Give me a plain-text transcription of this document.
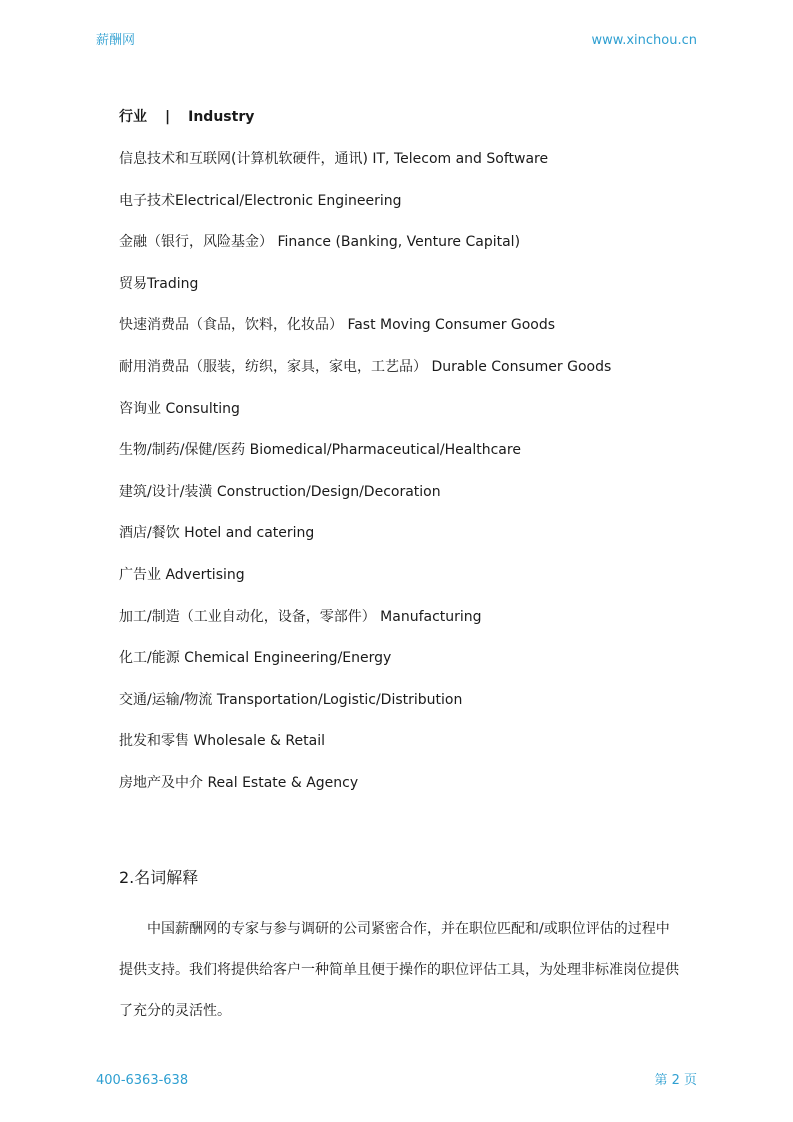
薪酬网	www.xinchou.cn
行业 | Industry
信息技术和互联网(计算机软硬件，通讯) IT, Telecom and Software
电子技术Electrical/Electronic Engineering
金融（银行，风险基金） Finance (Banking, Venture Capital)
贸易Trading
快速消费品（食品，饮料，化妆品） Fast Moving Consumer Goods
耐用消费品（服装，纺织，家具，家电，工艺品） Durable Consumer Goods
咨询业 Consulting
生物/制药/保健/医药 Biomedical/Pharmaceutical/Healthcare
建筑/设计/装潢 Construction/Design/Decoration
酒店/餐饮 Hotel and catering
广告业 Advertising
加工/制造（工业自动化，设备，零部件） Manufacturing
化工/能源 Chemical Engineering/Energy
交通/运输/物流 Transportation/Logistic/Distribution
批发和零售 Wholesale & Retail
房地产及中介 Real Estate & Agency
2.名词解释
中国薪酬网的专家与参与调研的公司紧密合作，并在职位匹配和/或职位评估的过程中
提供支持。我们将提供给客户一种简单且便于操作的职位评估工具，为处理非标准岗位提供
了充分的灵活性。
400-6363-638	第 2 页
